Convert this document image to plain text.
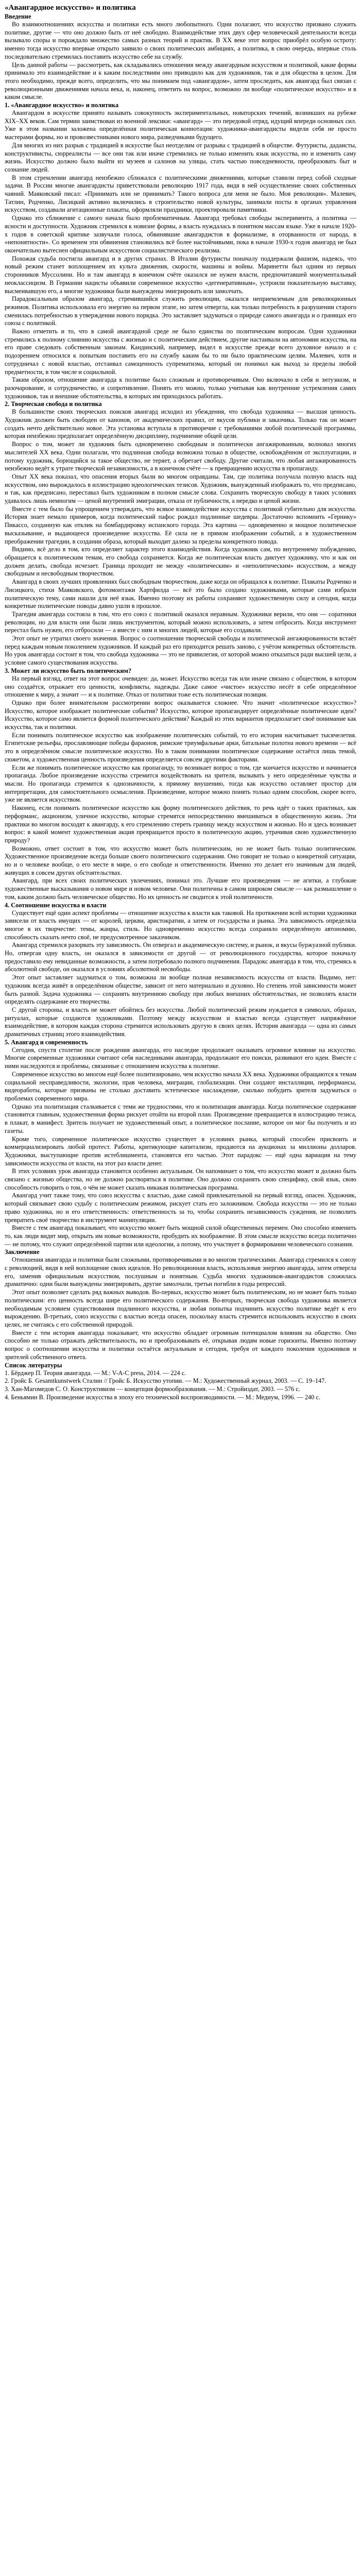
«Авангардное искусство» и политика
Введение

Во взаимоотношениях искусства и политики есть много любопытного. Одни полагают, что искусство призвано служить политике, другие — что оно должно быть от неё свободно. Взаимодействие этих двух сфер человеческой деятельности всегда вызывало споры и порождало множество самых разных теорий и практик. В XX веке этот вопрос приобрёл особую остроту: именно тогда искусство впервые открыто заявило о своих политических амбициях, а политика, в свою очередь, впервые столь последовательно стремилась поставить искусство себе на службу.

Цель данной работы — рассмотреть, как складывались отношения между авангардным искусством и политикой, какие формы принимало это взаимодействие и к каким последствиям оно приводило как для художников, так и для общества в целом. Для этого необходимо, прежде всего, определить, что мы понимаем под «авангардом», затем проследить, как авангард был связан с революционными движениями начала века, и, наконец, ответить на вопрос, возможно ли вообще «политическое искусство» и в каком смысле.

1. «Авангардное искусство» и политика

Авангардом в искусстве принято называть совокупность экспериментальных, новаторских течений, возникших на рубеже XIX–XX веков. Сам термин заимствован из военной лексики: «авангард» — это передовой отряд, идущий впереди основных сил. Уже в этом названии заложена определённая политическая коннотация: художники-авангардисты видели себя не просто мастерами формы, но и провозвестниками нового мира, разведчиками будущего.

Для многих из них разрыв с традицией в искусстве был неотделим от разрыва с традицией в обществе. Футуристы, дадаисты, конструктивисты, сюрреалисты — все они так или иначе стремились не только изменить язык искусства, но и изменить саму жизнь. Искусство должно было выйти из музеев и салонов на улицы, стать частью повседневности, преобразовать быт и сознание людей.

В этом стремлении авангард неизбежно сближался с политическими движениями, которые ставили перед собой сходные задачи. В России многие авангардисты приветствовали революцию 1917 года, видя в ней осуществление своих собственных чаяний. Маяковский писал: «Принимать или не принимать? Такого вопроса для меня не было. Моя революция». Малевич, Татлин, Родченко, Лисицкий активно включились в строительство новой культуры, занимали посты в органах управления искусством, создавали агитационные плакаты, оформляли праздники, проектировали памятники.

Однако это сближение с самого начала было проблематичным. Авангард требовал свободы эксперимента, а политика — ясности и доступности. Художник стремился к новизне формы, а власть нуждалась в понятном массам языке. Уже в начале 1920-х годов в советской критике зазвучали голоса, обвинявшие авангардистов в формализме, в оторванности от народа, в «непонятности». Со временем эти обвинения становились всё более настойчивыми, пока в начале 1930-х годов авангард не был окончательно вытеснен официальным искусством социалистического реализма.

Похожая судьба постигла авангард и в других странах. В Италии футуристы поначалу поддержали фашизм, надеясь, что новый режим станет воплощением их культа движения, скорости, машины и войны. Маринетти был одним из первых сторонников Муссолини. Но и там авангард в конечном счёте оказался не нужен власти, предпочитавшей монументальный неоклассицизм. В Германии нацисты объявили современное искусство «дегенеративным», устроили показательную выставку, высмеивавшую его, а многие художники были вынуждены эмигрировать или замолчать.

Парадоксальным образом авангард, стремившийся служить революции, оказался неприемлемым для революционных режимов. Политика использовала его энергию на первом этапе, но затем отвергла, как только потребность в разрушении старого сменилась потребностью в утверждении нового порядка. Это заставляет задуматься о природе самого авангарда и о границах его союза с политикой.

Важно отметить и то, что в самой авангардной среде не было единства по политическим вопросам. Одни художники стремились к полному слиянию искусства с жизнью и с политическим действием, другие настаивали на автономии искусства, на его праве следовать собственным законам. Кандинский, например, видел в искусстве прежде всего духовное начало и с подозрением относился к попыткам поставить его на службу каким бы то ни было практическим целям. Малевич, хотя и сотрудничал с новой властью, отстаивал самоценность супрематизма, который он понимал как выход за пределы любой предметности, в том числе и социальной.

Таким образом, отношение авангарда к политике было сложным и противоречивым. Оно включало в себя и энтузиазм, и разочарование, и сотрудничество, и сопротивление. Понять его можно, только учитывая как внутренние устремления самих художников, так и внешние обстоятельства, в которых им приходилось работать.

2. Творческая свобода и политика

В большинстве своих творческих поисков авангард исходил из убеждения, что свобода художника — высшая ценность. Художник должен быть свободен от канонов, от академических правил, от вкусов публики и заказчика. Только так он может создать нечто действительно новое. Эта установка вступала в противоречие с требованиями любой политической программы, которая неизбежно предполагает определённую дисциплину, подчинение общей цели.

Вопрос о том, может ли художник быть одновременно свободным и политически ангажированным, волновал многих мыслителей XX века. Одни полагали, что подлинная свобода возможна только в обществе, освобождённом от эксплуатации, и потому художник, борющийся за такое общество, не теряет, а обретает свободу. Другие считали, что любая ангажированность неизбежно ведёт к утрате творческой независимости, а в конечном счёте — к превращению искусства в пропаганду.

Опыт XX века показал, что опасения вторых были во многом оправданы. Там, где политика получала полную власть над искусством, оно вырождалось в иллюстрацию идеологических тезисов. Художник, вынужденный изображать то, что предписано, и так, как предписано, переставал быть художником в полном смысле слова. Сохранить творческую свободу в таких условиях удавалось лишь немногим — ценой внутренней эмиграции, отказа от публичности, а нередко и ценой жизни.

Вместе с тем было бы упрощением утверждать, что всякое взаимодействие искусства с политикой губительно для искусства. История знает немало примеров, когда политический пафос рождал подлинные шедевры. Достаточно вспомнить «Гернику» Пикассо, созданную как отклик на бомбардировку испанского города. Эта картина — одновременно и мощное политическое высказывание, и выдающееся произведение искусства. Её сила не в прямом изображении событий, а в художественном преображении трагедии, в создании образа, который выходит далеко за пределы конкретного повода.

Видимо, всё дело в том, кто определяет характер этого взаимодействия. Когда художник сам, по внутреннему побуждению, обращается к политическим темам, его свобода сохраняется. Когда же политическая власть диктует художнику, что и как он должен делать, свобода исчезает. Граница проходит не между «политическим» и «неполитическим» искусством, а между свободным и несвободным творчеством.

Авангард в своих лучших проявлениях был свободным творчеством, даже когда он обращался к политике. Плакаты Родченко и Лисицкого, стихи Маяковского, фотомонтажи Хартфилда — всё это было создано художниками, которые сами избрали политическую тему, сами нашли для неё язык. Именно поэтому их работы сохраняют художественную силу и сегодня, когда конкретные политические поводы давно ушли в прошлое.

Трагедия авангарда состояла в том, что его союз с политикой оказался неравным. Художники верили, что они — соратники революции, но для власти они были лишь инструментом, который можно использовать, а затем отбросить. Когда инструмент перестал быть нужен, его отбросили — а вместе с ним и многих людей, которые его создавали.

Этот опыт не утратил своего значения. Вопрос о соотношении творческой свободы и политической ангажированности встаёт перед каждым новым поколением художников. И каждый раз его приходится решать заново, с учётом конкретных обстоятельств. Но урок авангарда состоит в том, что свобода художника — это не привилегия, от которой можно отказаться ради высшей цели, а условие самого существования искусства.

3. Может ли искусство быть политическим?

На первый взгляд, ответ на этот вопрос очевиден: да, может. Искусство всегда так или иначе связано с обществом, в котором оно создаётся, отражает его ценности, конфликты, надежды. Даже самое «чистое» искусство несёт в себе определённое отношение к миру, а значит — и к политике. Отказ от политики тоже есть политическая позиция.

Однако при более внимательном рассмотрении вопрос оказывается сложнее. Что значит «политическое искусство»? Искусство, которое изображает политические события? Искусство, которое пропагандирует определённые политические идеи? Искусство, которое само является формой политического действия? Каждый из этих вариантов предполагает своё понимание как искусства, так и политики.

Если понимать политическое искусство как изображение политических событий, то его история насчитывает тысячелетия. Египетские рельефы, прославляющие победы фараонов, римские триумфальные арки, батальные полотна нового времени — всё это в определённом смысле политическое искусство. Но в таком понимании политическое содержание остаётся лишь темой, сюжетом, а художественная ценность произведения определяется совсем другими факторами.

Если же понимать политическое искусство как пропаганду, то возникает вопрос о том, где кончается искусство и начинается пропаганда. Любое произведение искусства стремится воздействовать на зрителя, вызывать у него определённые чувства и мысли. Но пропаганда стремится к однозначности, к прямому внушению, тогда как искусство оставляет простор для интерпретации, для самостоятельного осмысления. Произведение, которое можно понять только одним способом, скорее всего, уже не является искусством.

Наконец, если понимать политическое искусство как форму политического действия, то речь идёт о таких практиках, как перформанс, акционизм, уличное искусство, которые стремятся непосредственно вмешиваться в общественную жизнь. Эти практики во многом восходят к авангарду, к его стремлению стереть границу между искусством и жизнью. Но и здесь возникает вопрос: в какой момент художественная акция превращается просто в политическую акцию, утрачивая свою художественную природу?

Возможно, ответ состоит в том, что искусство может быть политическим, но не может быть только политическим. Художественное произведение всегда больше своего политического содержания. Оно говорит не только о конкретной ситуации, но и о человеке вообще, о его месте в мире, о его свободе и ответственности. Именно это делает его значимым для людей, живущих в совсем других обстоятельствах.

Авангард, при всех своих политических увлечениях, понимал это. Лучшие его произведения — не агитки, а глубокие художественные высказывания о новом мире и новом человеке. Они политичны в самом широком смысле — как размышление о том, каким должно быть человеческое общество. Но их ценность не сводится к этой политичности.

4. Соотношение искусства и власти

Существует ещё один аспект проблемы — отношение искусства к власти как таковой. На протяжении всей истории художники зависели от власть имущих — от королей, церкви, аристократии, а затем от государства и рынка. Эта зависимость определяла многое в их творчестве: темы, жанры, стиль. Но одновременно искусство всегда сохраняло определённую автономию, способность сказать нечто своё, не предусмотренное заказчиком.

Авангард стремился разорвать эту зависимость. Он отвергал и академическую систему, и рынок, и вкусы буржуазной публики. Но, отвергая одну власть, он оказался в зависимости от другой — от революционного государства, которое поначалу предоставило ему невиданные возможности, а затем потребовало полного подчинения. Парадокс авангарда в том, что, стремясь к абсолютной свободе, он оказался в условиях абсолютной несвободы.

Этот опыт заставляет задуматься о том, возможна ли вообще полная независимость искусства от власти. Видимо, нет: художник всегда живёт в определённом обществе, зависит от него материально и духовно. Но степень этой зависимости может быть разной. Задача художника — сохранять внутреннюю свободу при любых внешних обстоятельствах, не позволять власти определять содержание его творчества.

С другой стороны, и власть не может обойтись без искусства. Любой политический режим нуждается в символах, образах, ритуалах, которые создаются художниками. Поэтому между искусством и властью всегда существует напряжённое взаимодействие, в котором каждая сторона стремится использовать другую в своих целях. История авангарда — одна из самых драматичных страниц этого взаимодействия.

5. Авангард и современность

Сегодня, спустя столетие после рождения авангарда, его наследие продолжает оказывать огромное влияние на искусство. Многие современные художники считают себя наследниками авангарда, продолжают его поиски, развивают его идеи. Вместе с ними наследуются и проблемы, связанные с отношением искусства к политике.

Современное искусство во многом ещё более политизировано, чем искусство начала XX века. Художники обращаются к темам социальной несправедливости, экологии, прав человека, миграции, глобализации. Они создают инсталляции, перформансы, видеоработы, которые призваны не столько доставить эстетическое наслаждение, сколько побудить зрителя задуматься о проблемах современного мира.

Однако эта политизация сталкивается с теми же трудностями, что и политизация авангарда. Когда политическое содержание становится главным, художественная форма рискует отойти на второй план. Произведение превращается в иллюстрацию тезиса, в плакат, в манифест. Зритель получает не художественный опыт, а политическое послание, которое он мог бы получить и из газеты.

Кроме того, современное политическое искусство существует в условиях рынка, который способен присвоить и коммерциализировать любой протест. Работы, критикующие капитализм, продаются на аукционах за миллионы долларов. Художники, выступающие против истеблишмента, становятся его частью. Этот парадокс — ещё одна вариация на тему зависимости искусства от власти, на этот раз власти денег.

В этих условиях урок авангарда становится особенно актуальным. Он напоминает о том, что искусство может и должно быть связано с жизнью общества, но не должно растворяться в политике. Оно должно сохранять свою специфику, свой язык, свою способность говорить о том, о чём не может сказать никакая политическая программа.

Авангард учит также тому, что союз искусства с властью, даже самой привлекательной на первый взгляд, опасен. Художник, который связывает свою судьбу с политическим режимом, рискует стать его заложником. Свобода искусства — это не только право художника, но и его ответственность: ответственность за то, чтобы сохранить независимость суждения, не позволить превратить своё творчество в инструмент манипуляции.

Вместе с тем авангард показывает, что искусство может быть мощной силой общественных перемен. Оно способно изменить то, как люди видят мир, открыть им новые возможности, пробудить их воображение. В этом смысле искусство всегда политично — не потому, что служит определённой партии или идеологии, а потому, что участвует в формировании человеческого сознания.

Заключение

Отношения авангарда и политики были сложными, противоречивыми и во многом трагическими. Авангард стремился к союзу с революцией, видя в ней воплощение своих идеалов. Но революционная власть, использовав энергию авангарда, затем отвергла его, заменив официальным искусством, послушным и понятным. Судьба многих художников-авангардистов сложилась драматично: одни были вынуждены эмигрировать, другие замолчали, третьи погибли в годы репрессий.

Этот опыт позволяет сделать ряд важных выводов. Во-первых, искусство может быть политическим, но не может быть только политическим: его ценность всегда шире его политического содержания. Во-вторых, творческая свобода художника является необходимым условием существования подлинного искусства, и любая попытка подчинить искусство политике ведёт к его вырождению. В-третьих, союз искусства с властью всегда опасен, поскольку власть стремится использовать искусство в своих целях, не считаясь с его собственной природой.

Вместе с тем история авангарда показывает, что искусство обладает огромным потенциалом влияния на общество. Оно способно не только отражать действительность, но и преобразовывать её, открывая людям новые горизонты. Именно поэтому вопрос о соотношении искусства и политики остаётся актуальным и сегодня, требуя от каждого поколения художников и зрителей собственного ответа.

Список литературы
1. Бёрджер П. Теория авангарда. — М.: V-A-C press, 2014. — 224 с.
2. Гройс Б. Gesamtkunstwerk Сталин // Гройс Б. Искусство утопии. — М.: Художественный журнал, 2003. — С. 19–147.
3. Хан-Магомедов С. О. Конструктивизм — концепция формообразования. — М.: Стройиздат, 2003. — 576 с.
4. Беньямин В. Произведение искусства в эпоху его технической воспроизводимости. — М.: Медиум, 1996. — 240 с.
